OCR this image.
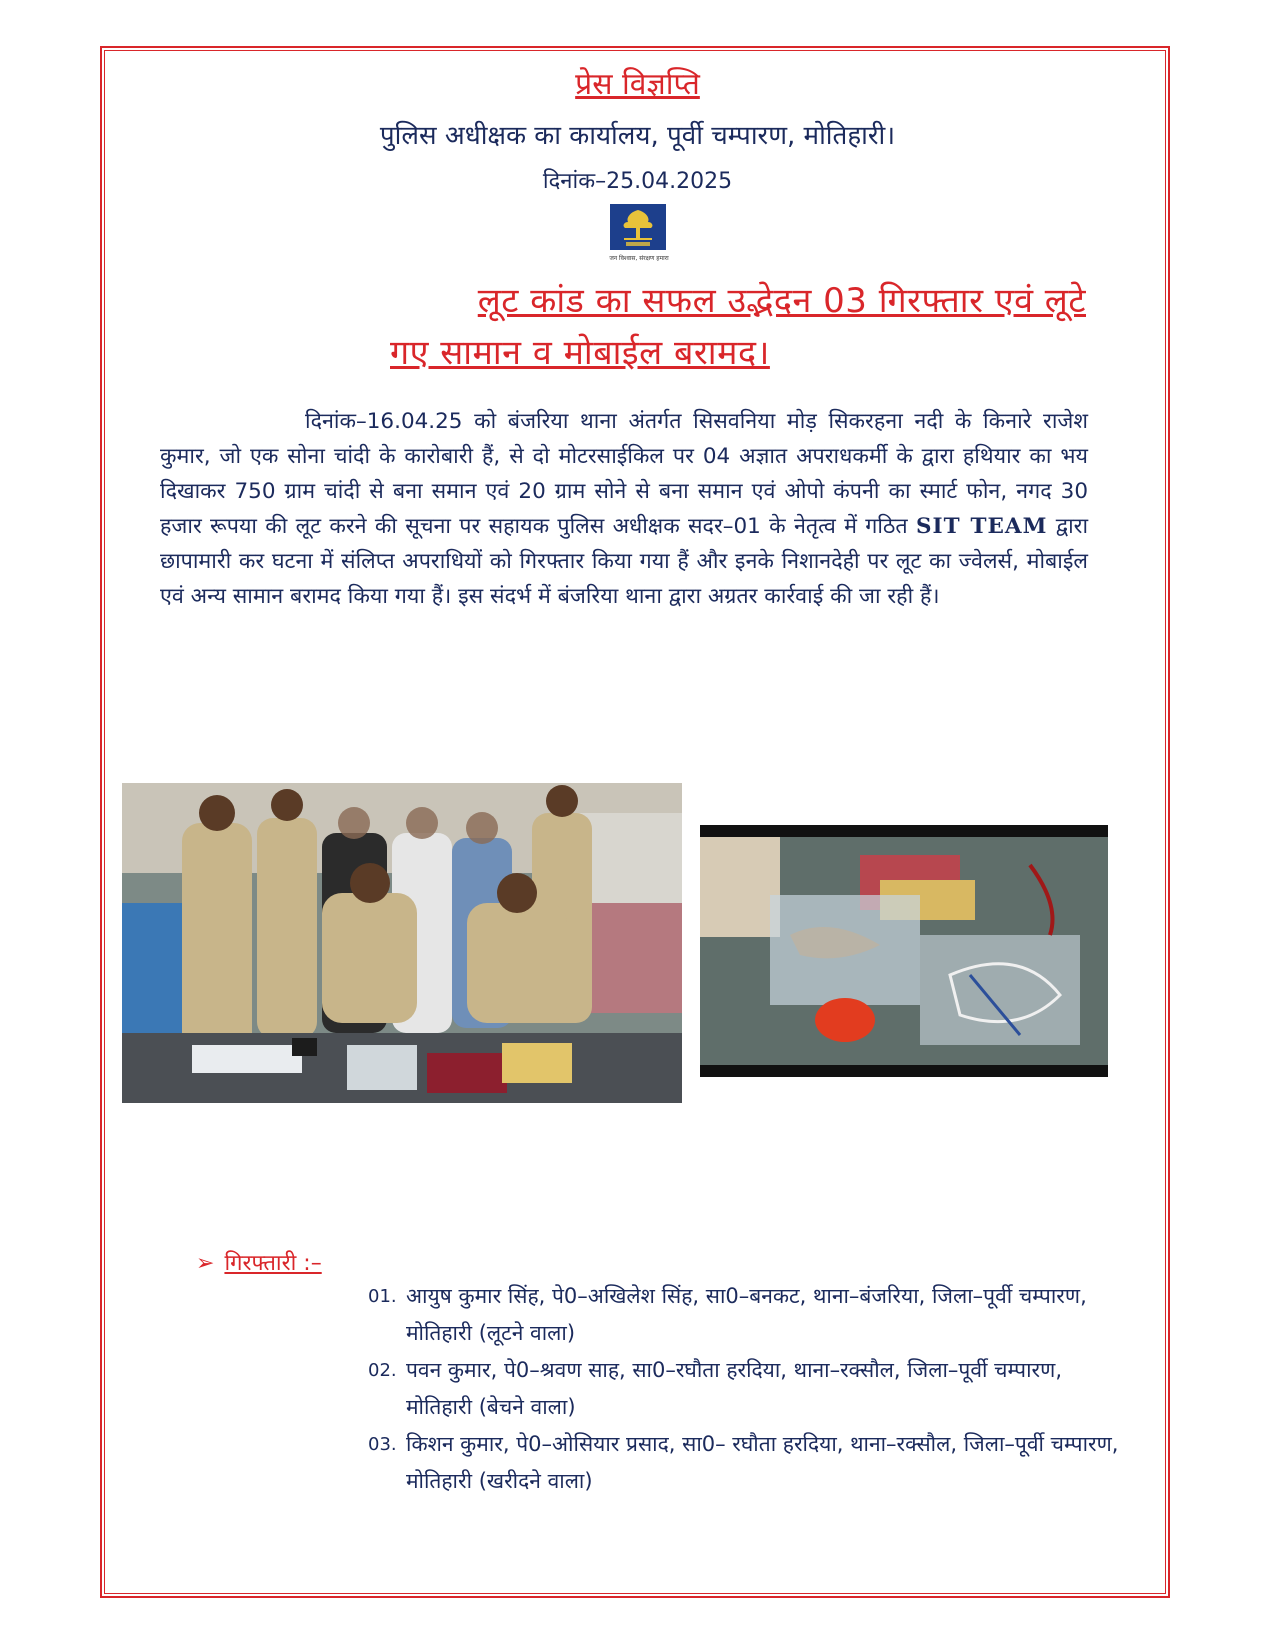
प्रेस विज्ञप्ति
पुलिस अधीक्षक का कार्यालय, पूर्वी चम्पारण, मोतिहारी।
दिनांक–25.04.2025
जन विश्वास, संरक्षण हमारा
लूट कांड का सफल उद्भेदन 03 गिरफ्तार एवं लूटे
गए सामान व मोबाईल बरामद।
दिनांक–16.04.25 को बंजरिया थाना अंतर्गत सिसवनिया मोड़ सिकरहना नदी के किनारे राजेश कुमार, जो एक सोना चांदी के कारोबारी हैं, से दो मोटरसाईकिल पर 04 अज्ञात अपराधकर्मी के द्वारा हथियार का भय दिखाकर 750 ग्राम चांदी से बना समान एवं 20 ग्राम सोने से बना समान एवं ओपो कंपनी का स्मार्ट फोन, नगद 30 हजार रूपया की लूट करने की सूचना पर सहायक पुलिस अधीक्षक सदर–01 के नेतृत्व में गठित SIT TEAM द्वारा छापामारी कर घटना में संलिप्त अपराधियों को गिरफ्तार किया गया हैं और इनके निशानदेही पर लूट का ज्वेलर्स, मोबाईल एवं अन्य सामान बरामद किया गया हैं। इस संदर्भ में बंजरिया थाना द्वारा अग्रतर कार्रवाई की जा रही हैं।
➢ गिरफ्तारी :–
01. आयुष कुमार सिंह, पे0–अखिलेश सिंह, सा0–बनकट, थाना–बंजरिया, जिला–पूर्वी चम्पारण, मोतिहारी (लूटने वाला)
02. पवन कुमार, पे0–श्रवण साह, सा0–रघौता हरदिया, थाना–रक्सौल, जिला–पूर्वी चम्पारण, मोतिहारी (बेचने वाला)
03. किशन कुमार, पे0–ओसियार प्रसाद, सा0– रघौता हरदिया, थाना–रक्सौल, जिला–पूर्वी चम्पारण, मोतिहारी (खरीदने वाला)
